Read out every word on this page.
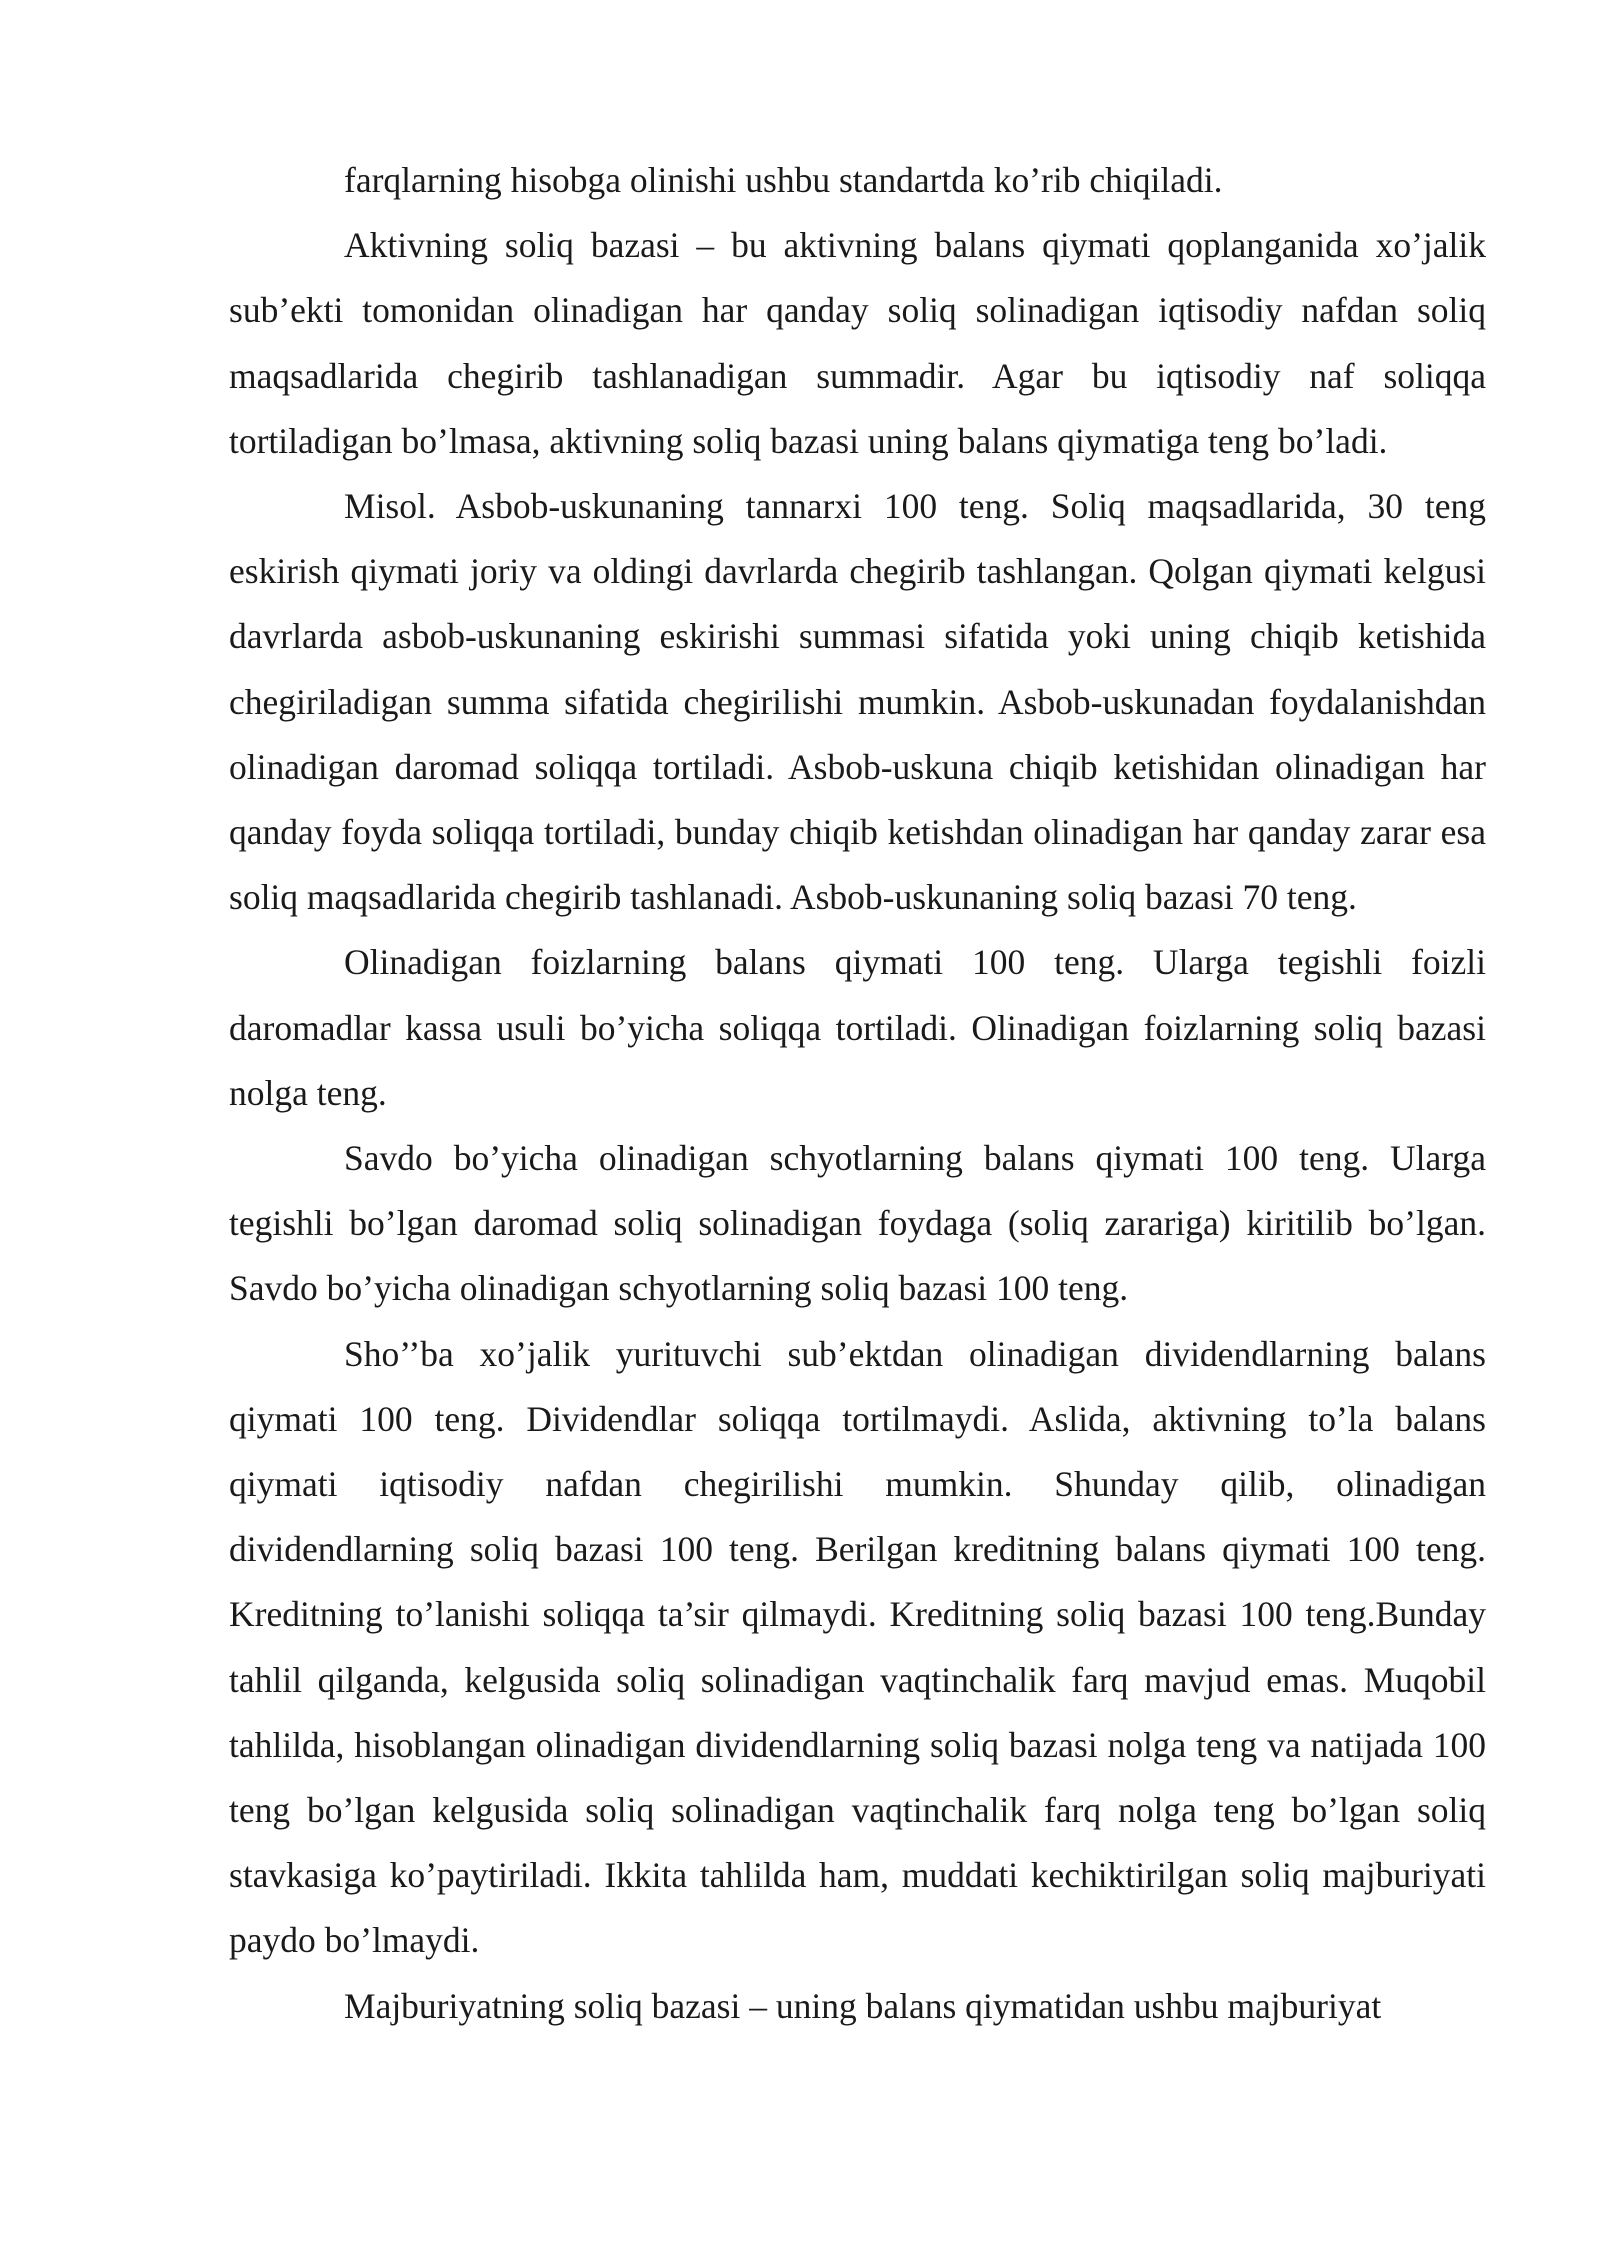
farqlarning hisobga olinishi ushbu standartda ko’rib chiqiladi.

Aktivning soliq bazasi – bu aktivning balans qiymati qoplanganida xo’jalik sub’ekti tomonidan olinadigan har qanday soliq solinadigan iqtisodiy nafdan soliq maqsadlarida chegirib tashlanadigan summadir. Agar bu iqtisodiy naf soliqqa tortiladigan bo’lmasa, aktivning soliq bazasi uning balans qiymatiga teng bo’ladi.

Misol. Asbob-uskunaning tannarxi 100 teng. Soliq maqsadlarida, 30 teng eskirish qiymati joriy va oldingi davrlarda chegirib tashlangan. Qolgan qiymati kelgusi davrlarda asbob-uskunaning eskirishi summasi sifatida yoki uning chiqib ketishida chegiriladigan summa sifatida chegirilishi mumkin. Asbob-uskunadan foydalanishdan olinadigan daromad soliqqa tortiladi. Asbob-uskuna chiqib ketishidan olinadigan har qanday foyda soliqqa tortiladi, bunday chiqib ketishdan olinadigan har qanday zarar esa soliq maqsadlarida chegirib tashlanadi. Asbob-uskunaning soliq bazasi 70 teng.

Olinadigan foizlarning balans qiymati 100 teng. Ularga tegishli foizli daromadlar kassa usuli bo’yicha soliqqa tortiladi. Olinadigan foizlarning soliq bazasi nolga teng.

Savdo bo’yicha olinadigan schyotlarning balans qiymati 100 teng. Ularga tegishli bo’lgan daromad soliq solinadigan foydaga (soliq zarariga) kiritilib bo’lgan. Savdo bo’yicha olinadigan schyotlarning soliq bazasi 100 teng.

Sho’’ba xo’jalik yurituvchi sub’ektdan olinadigan dividendlarning balans qiymati 100 teng. Dividendlar soliqqa tortilmaydi. Aslida, aktivning to’la balans qiymati iqtisodiy nafdan chegirilishi mumkin. Shunday qilib, olinadigan dividendlarning soliq bazasi 100 teng. Berilgan kreditning balans qiymati 100 teng. Kreditning to’lanishi soliqqa ta’sir qilmaydi. Kreditning soliq bazasi 100 teng.Bunday tahlil qilganda, kelgusida soliq solinadigan vaqtinchalik farq mavjud emas. Muqobil tahlilda, hisoblangan olinadigan dividendlarning soliq bazasi nolga teng va natijada 100 teng bo’lgan kelgusida soliq solinadigan vaqtinchalik farq nolga teng bo’lgan soliq stavkasiga ko’paytiriladi. Ikkita tahlilda ham, muddati kechiktirilgan soliq majburiyati paydo bo’lmaydi.

Majburiyatning soliq bazasi – uning balans qiymatidan ushbu majburiyat
